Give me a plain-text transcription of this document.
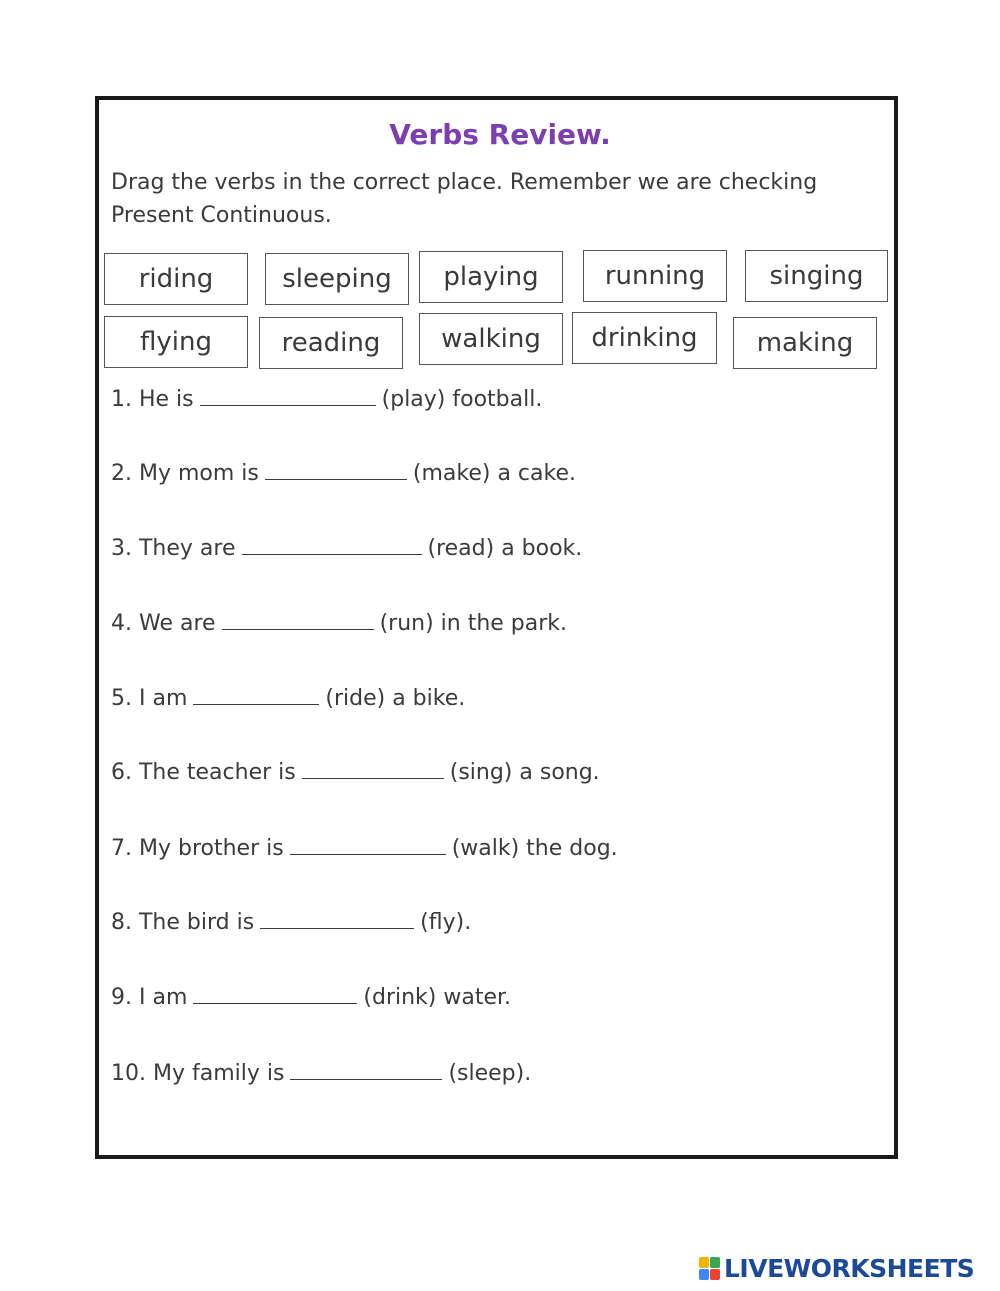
Verbs Review.
Drag the verbs in the correct place. Remember we are checking Present Continuous.
riding	sleeping	playing	running	singing
flying	reading	walking	drinking	making
1. He is	(play) football.
2. My mom is	(make) a cake.
3. They are	(read) a book.
4. We are	(run) in the park.
5. I am	(ride) a bike.
6. The teacher is	(sing) a song.
7. My brother is	(walk) the dog.
8. The bird is	(fly).
9. I am	(drink) water.
10. My family is	(sleep).
LIVEWORKSHEETS
